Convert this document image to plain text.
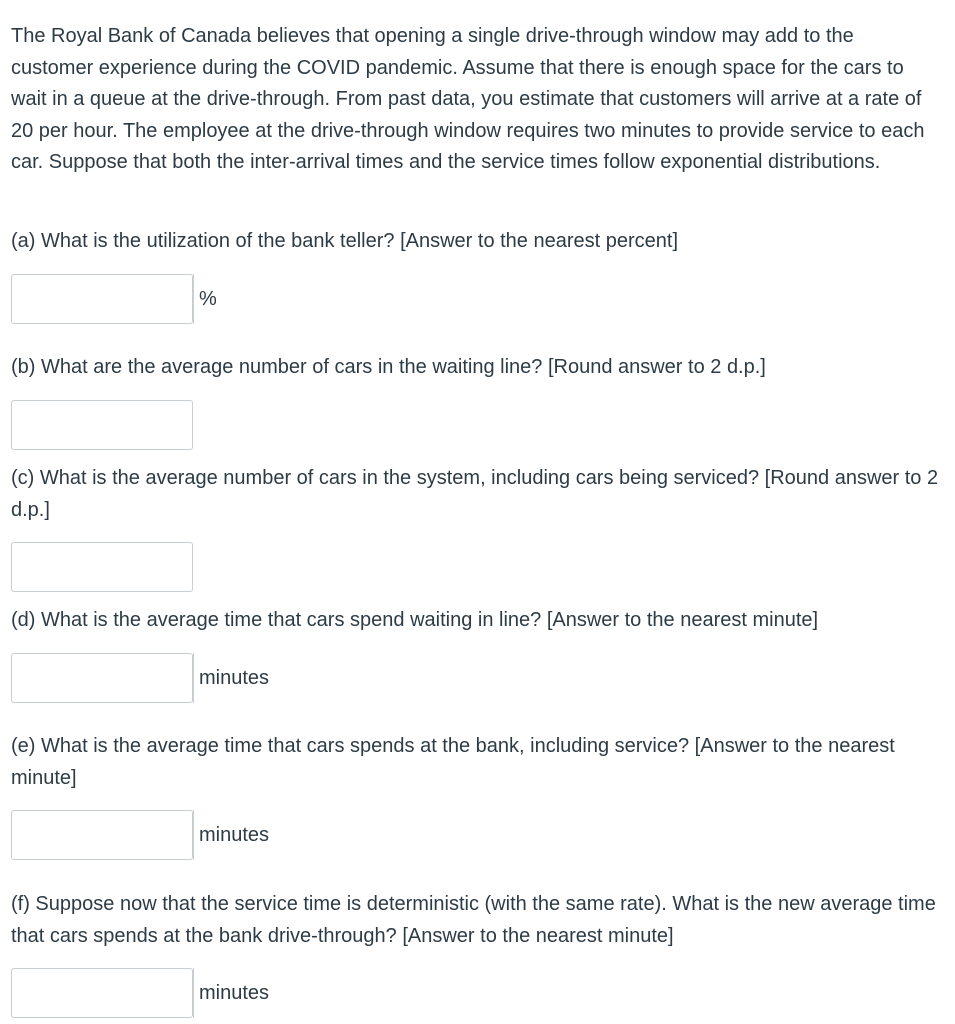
The Royal Bank of Canada believes that opening a single drive-through window may add to the customer experience during the COVID pandemic. Assume that there is enough space for the cars to wait in a queue at the drive-through. From past data, you estimate that customers will arrive at a rate of 20 per hour. The employee at the drive-through window requires two minutes to provide service to each car. Suppose that both the inter-arrival times and the service times follow exponential distributions.

(a) What is the utilization of the bank teller? [Answer to the nearest percent]

%

(b) What are the average number of cars in the waiting line? [Round answer to 2 d.p.]

(c) What is the average number of cars in the system, including cars being serviced? [Round answer to 2 d.p.]

(d) What is the average time that cars spend waiting in line? [Answer to the nearest minute]

minutes

(e) What is the average time that cars spends at the bank, including service? [Answer to the nearest minute]

minutes

(f) Suppose now that the service time is deterministic (with the same rate). What is the new average time that cars spends at the bank drive-through? [Answer to the nearest minute]

minutes
